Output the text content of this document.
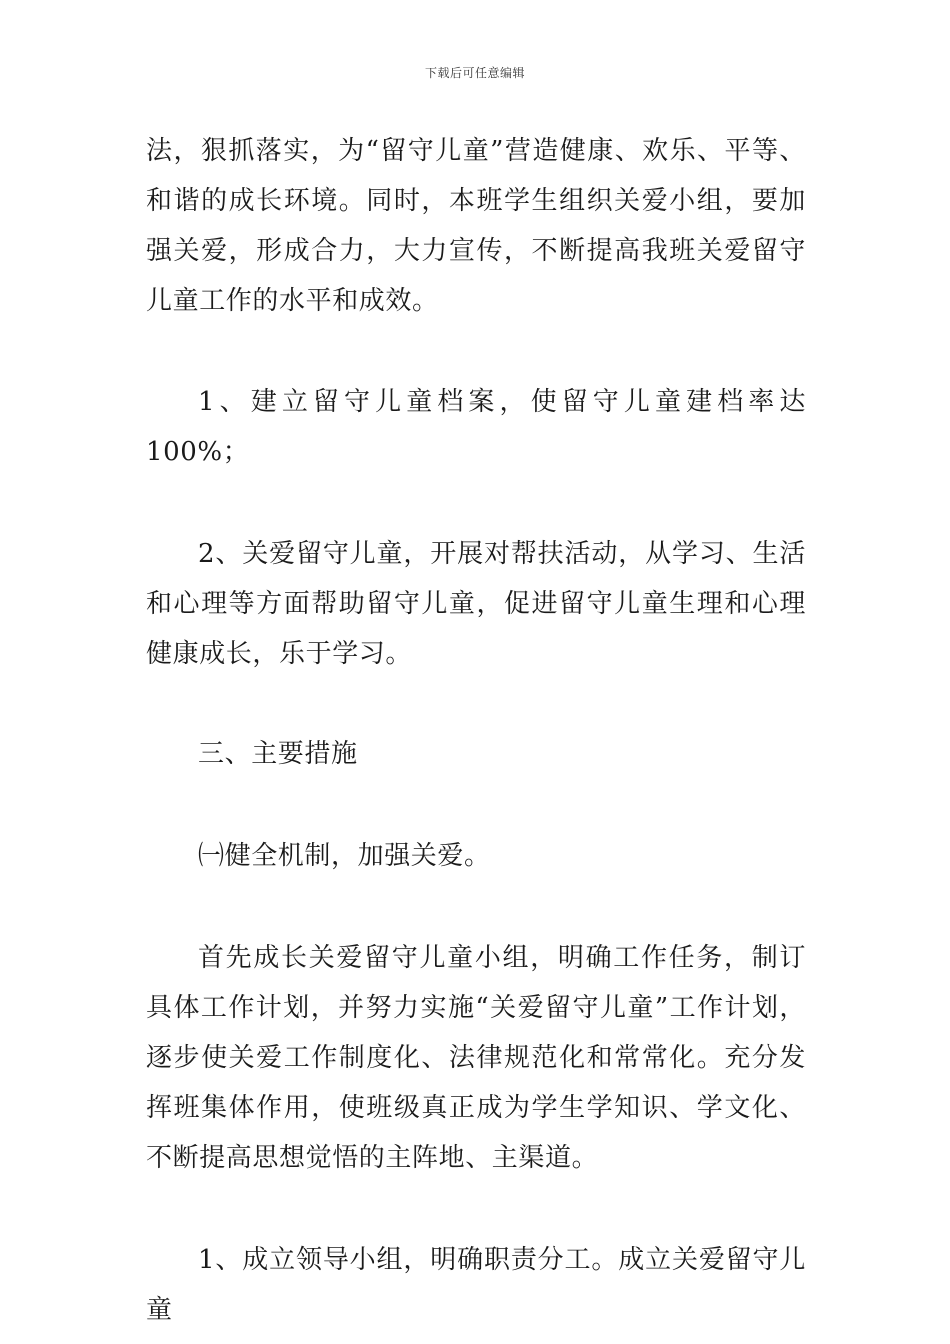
下载后可任意编辑

法，狠抓落实，为“留守儿童”营造健康、欢乐、平等、和谐的成长环境。同时，本班学生组织关爱小组，要加强关爱，形成合力，大力宣传，不断提高我班关爱留守儿童工作的水平和成效。

1、建立留守儿童档案，使留守儿童建档率达 100%；

2、关爱留守儿童，开展对帮扶活动，从学习、生活和心理等方面帮助留守儿童，促进留守儿童生理和心理健康成长，乐于学习。

三、主要措施

㈠健全机制，加强关爱。

首先成长关爱留守儿童小组，明确工作任务，制订具体工作计划，并努力实施“关爱留守儿童”工作计划，逐步使关爱工作制度化、法律规范化和常常化。充分发挥班集体作用，使班级真正成为学生学知识、学文化、不断提高思想觉悟的主阵地、主渠道。

1、成立领导小组，明确职责分工。成立关爱留守儿童
